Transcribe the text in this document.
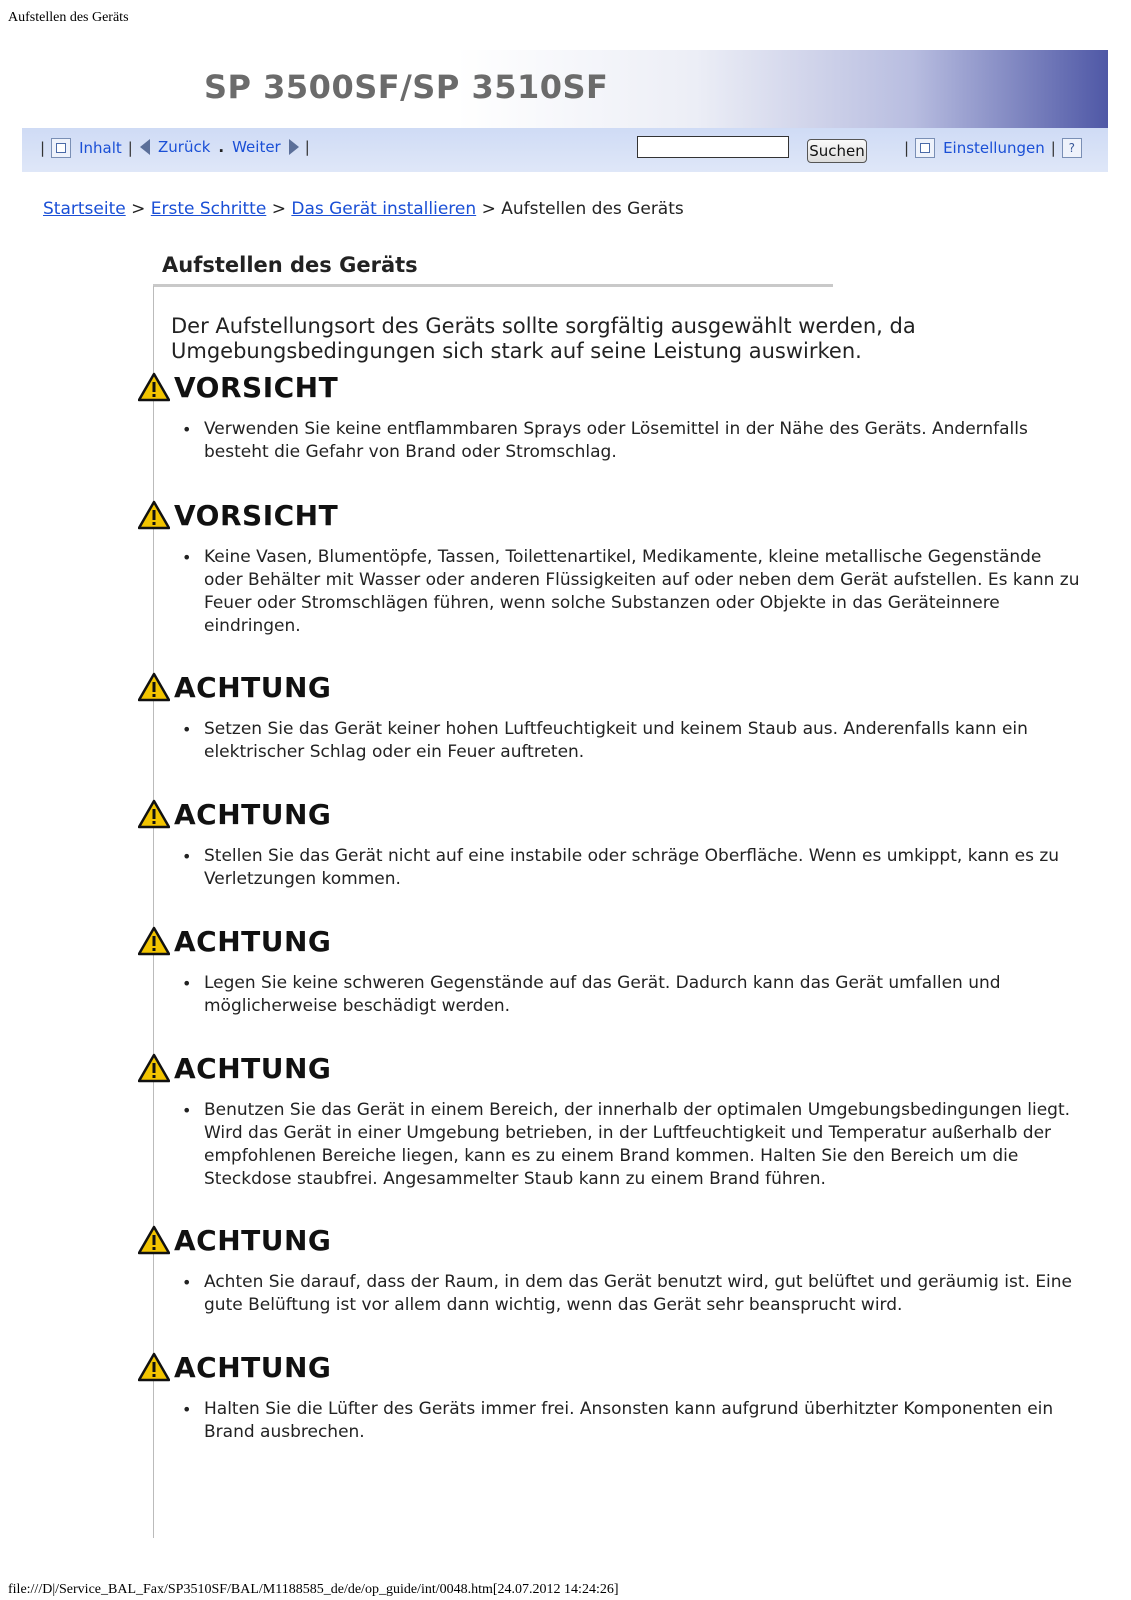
Aufstellen des Geräts
SP 3500SF/SP 3510SF
| Inhalt | Zurück . Weiter |	Suchen	| Einstellungen |	?
Startseite > Erste Schritte > Das Gerät installieren > Aufstellen des Geräts
Aufstellen des Geräts
Der Aufstellungsort des Geräts sollte sorgfältig ausgewählt werden, da Umgebungsbedingungen sich stark auf seine Leistung auswirken.
VORSICHT
• Verwenden Sie keine entflammbaren Sprays oder Lösemittel in der Nähe des Geräts. Andernfalls besteht die Gefahr von Brand oder Stromschlag.
VORSICHT
• Keine Vasen, Blumentöpfe, Tassen, Toilettenartikel, Medikamente, kleine metallische Gegenstände oder Behälter mit Wasser oder anderen Flüssigkeiten auf oder neben dem Gerät aufstellen. Es kann zu Feuer oder Stromschlägen führen, wenn solche Substanzen oder Objekte in das Geräteinnere eindringen.
ACHTUNG
• Setzen Sie das Gerät keiner hohen Luftfeuchtigkeit und keinem Staub aus. Anderenfalls kann ein elektrischer Schlag oder ein Feuer auftreten.
ACHTUNG
• Stellen Sie das Gerät nicht auf eine instabile oder schräge Oberfläche. Wenn es umkippt, kann es zu Verletzungen kommen.
ACHTUNG
• Legen Sie keine schweren Gegenstände auf das Gerät. Dadurch kann das Gerät umfallen und möglicherweise beschädigt werden.
ACHTUNG
• Benutzen Sie das Gerät in einem Bereich, der innerhalb der optimalen Umgebungsbedingungen liegt. Wird das Gerät in einer Umgebung betrieben, in der Luftfeuchtigkeit und Temperatur außerhalb der empfohlenen Bereiche liegen, kann es zu einem Brand kommen. Halten Sie den Bereich um die Steckdose staubfrei. Angesammelter Staub kann zu einem Brand führen.
ACHTUNG
• Achten Sie darauf, dass der Raum, in dem das Gerät benutzt wird, gut belüftet und geräumig ist. Eine gute Belüftung ist vor allem dann wichtig, wenn das Gerät sehr beansprucht wird.
ACHTUNG
• Halten Sie die Lüfter des Geräts immer frei. Ansonsten kann aufgrund überhitzter Komponenten ein Brand ausbrechen.
file:///D|/Service_BAL_Fax/SP3510SF/BAL/M1188585_de/de/op_guide/int/0048.htm[24.07.2012 14:24:26]
